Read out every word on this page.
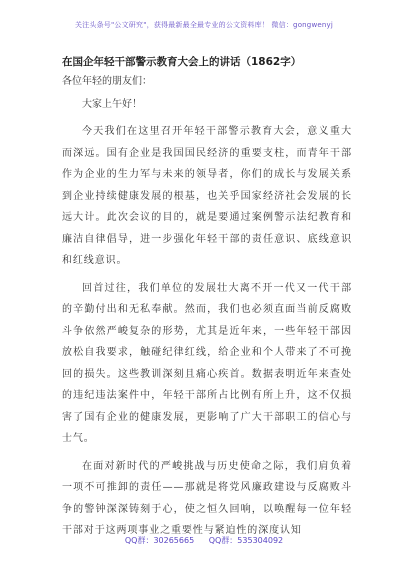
关注头条号"公文研究"，获得最新最全最专业的公文资料库！ 微信：gongwenyj
在国企年轻干部警示教育大会上的讲话（1862字）
各位年轻的朋友们：
大家上午好！

今天我们在这里召开年轻干部警示教育大会，意义重大而深远。国有企业是我国国民经济的重要支柱，而青年干部作为企业的生力军与未来的领导者，你们的成长与发展关系到企业持续健康发展的根基，也关乎国家经济社会发展的长远大计。此次会议的目的，就是要通过案例警示法纪教育和廉洁自律倡导，进一步强化年轻干部的责任意识、底线意识和红线意识。

回首过往，我们单位的发展壮大离不开一代又一代干部的辛勤付出和无私奉献。然而，我们也必须直面当前反腐败斗争依然严峻复杂的形势，尤其是近年来，一些年轻干部因放松自我要求，触碰纪律红线，给企业和个人带来了不可挽回的损失。这些教训深刻且痛心疾首。数据表明近年来查处的违纪违法案件中，年轻干部所占比例有所上升，这不仅损害了国有企业的健康发展，更影响了广大干部职工的信心与士气。

在面对新时代的严峻挑战与历史使命之际，我们肩负着一项不可推卸的责任——那就是将党风廉政建设与反腐败斗争的警钟深深铸刻于心，使之恒久回响，以唤醒每一位年轻干部对于这两项事业之重要性与紧迫性的深度认知

QQ群：30265665 QQ群：535304092
